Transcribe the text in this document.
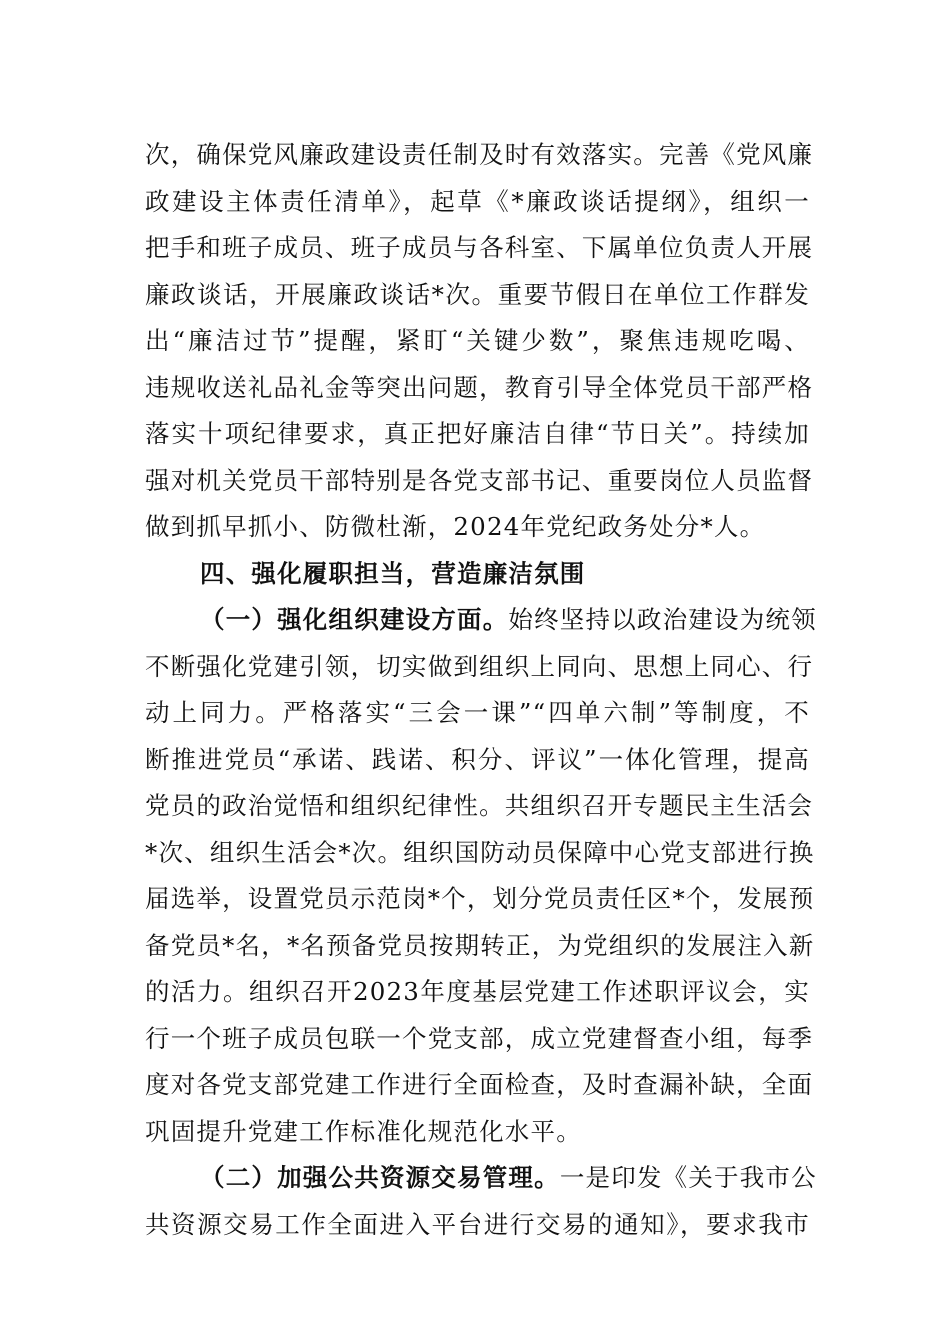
次，确保党风廉政建设责任制及时有效落实。完善《党风廉
政建设主体责任清单》，起草《*廉政谈话提纲》，组织一
把手和班子成员、班子成员与各科室、下属单位负责人开展
廉政谈话，开展廉政谈话*次。重要节假日在单位工作群发
出“廉洁过节”提醒，紧盯“关键少数”，聚焦违规吃喝、
违规收送礼品礼金等突出问题，教育引导全体党员干部严格
落实十项纪律要求，真正把好廉洁自律“节日关”。持续加
强对机关党员干部特别是各党支部书记、重要岗位人员监督
做到抓早抓小、防微杜渐，2024年党纪政务处分*人。
四、强化履职担当，营造廉洁氛围
（一）强化组织建设方面。始终坚持以政治建设为统领
不断强化党建引领，切实做到组织上同向、思想上同心、行
动上同力。严格落实“三会一课”“四单六制”等制度，不
断推进党员“承诺、践诺、积分、评议”一体化管理，提高
党员的政治觉悟和组织纪律性。共组织召开专题民主生活会
*次、组织生活会*次。组织国防动员保障中心党支部进行换
届选举，设置党员示范岗*个，划分党员责任区*个，发展预
备党员*名，*名预备党员按期转正，为党组织的发展注入新
的活力。组织召开2023年度基层党建工作述职评议会，实
行一个班子成员包联一个党支部，成立党建督查小组，每季
度对各党支部党建工作进行全面检查，及时查漏补缺，全面
巩固提升党建工作标准化规范化水平。
（二）加强公共资源交易管理。一是印发《关于我市公
共资源交易工作全面进入平台进行交易的通知》，要求我市
